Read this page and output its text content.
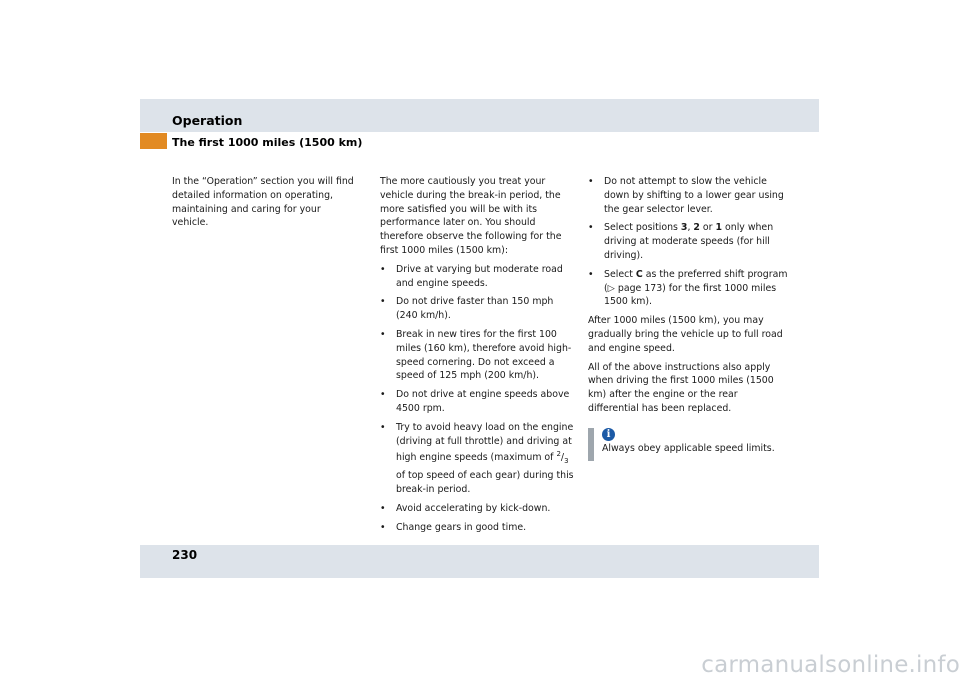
Operation
The first 1000 miles (1500 km)

In the “Operation” section you will find detailed information on operating, maintaining and caring for your vehicle.

The more cautiously you treat your vehicle during the break-in period, the more satisfied you will be with its performance later on. You should therefore observe the following for the first 1000 miles (1500 km):

• Drive at varying but moderate road and engine speeds.
• Do not drive faster than 150 mph (240 km/h).
• Break in new tires for the first 100 miles (160 km), therefore avoid high-speed cornering. Do not exceed a speed of 125 mph (200 km/h).
• Do not drive at engine speeds above 4500 rpm.
• Try to avoid heavy load on the engine (driving at full throttle) and driving at high engine speeds (maximum of $^2/_3$ of top speed of each gear) during this break-in period.
• Avoid accelerating by kick-down.
• Change gears in good time.
• Do not attempt to slow the vehicle down by shifting to a lower gear using the gear selector lever.
• Select positions 3, 2 or 1 only when driving at moderate speeds (for hill driving).
• Select C as the preferred shift program (▷ page 173) for the first 1000 miles 1500 km).

After 1000 miles (1500 km), you may gradually bring the vehicle up to full road and engine speed.

All of the above instructions also apply when driving the first 1000 miles (1500 km) after the engine or the rear differential has been replaced.

i
Always obey applicable speed limits.
230
carmanualsonline.info
